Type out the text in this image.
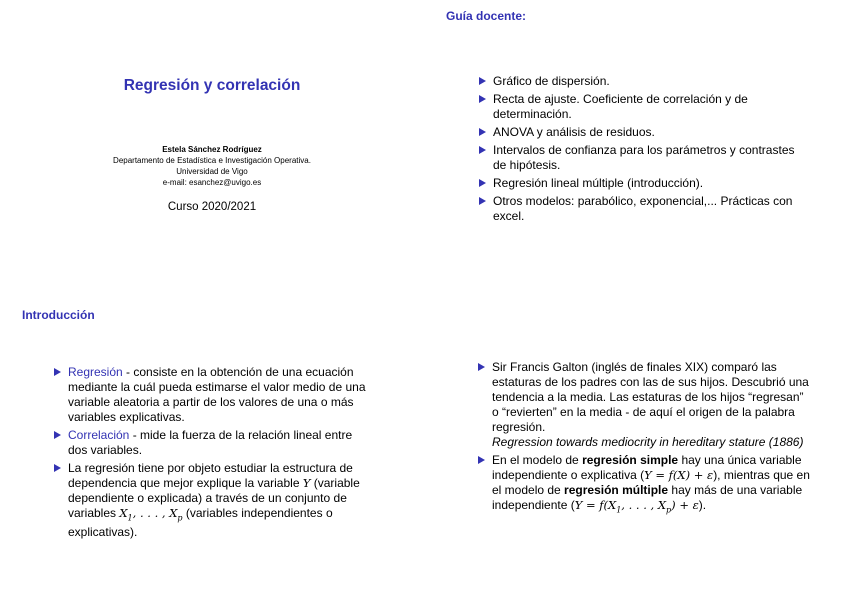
Regresión y correlación
Estela Sánchez Rodríguez
Departamento de Estadística e Investigación Operativa.
Universidad de Vigo
e-mail: esanchez@uvigo.es
Curso 2020/2021
Guía docente:
Gráfico de dispersión.
Recta de ajuste. Coeficiente de correlación y de determinación.
ANOVA y análisis de residuos.
Intervalos de confianza para los parámetros y contrastes de hipótesis.
Regresión lineal múltiple (introducción).
Otros modelos: parabólico, exponencial,... Prácticas con excel.
Introducción
Regresión - consiste en la obtención de una ecuación mediante la cuál pueda estimarse el valor medio de una variable aleatoria a partir de los valores de una o más variables explicativas.
Correlación - mide la fuerza de la relación lineal entre dos variables.
La regresión tiene por objeto estudiar la estructura de dependencia que mejor explique la variable Y (variable dependiente o explicada) a través de un conjunto de variables $X_1$, . . . , $X_p$ (variables independientes o explicativas).
Sir Francis Galton (inglés de finales XIX) comparó las estaturas de los padres con las de sus hijos. Descubrió una tendencia a la media. Las estaturas de los hijos “regresan” o “revierten” en la media - de aquí el origen de la palabra regresión.
Regression towards mediocrity in hereditary stature (1886)
En el modelo de regresión simple hay una única variable independiente o explicativa (Y = f(X) + ε), mientras que en el modelo de regresión múltiple hay más de una variable independiente ($Y = f(X_1$, . . . , $X_p) + \varepsilon$).
